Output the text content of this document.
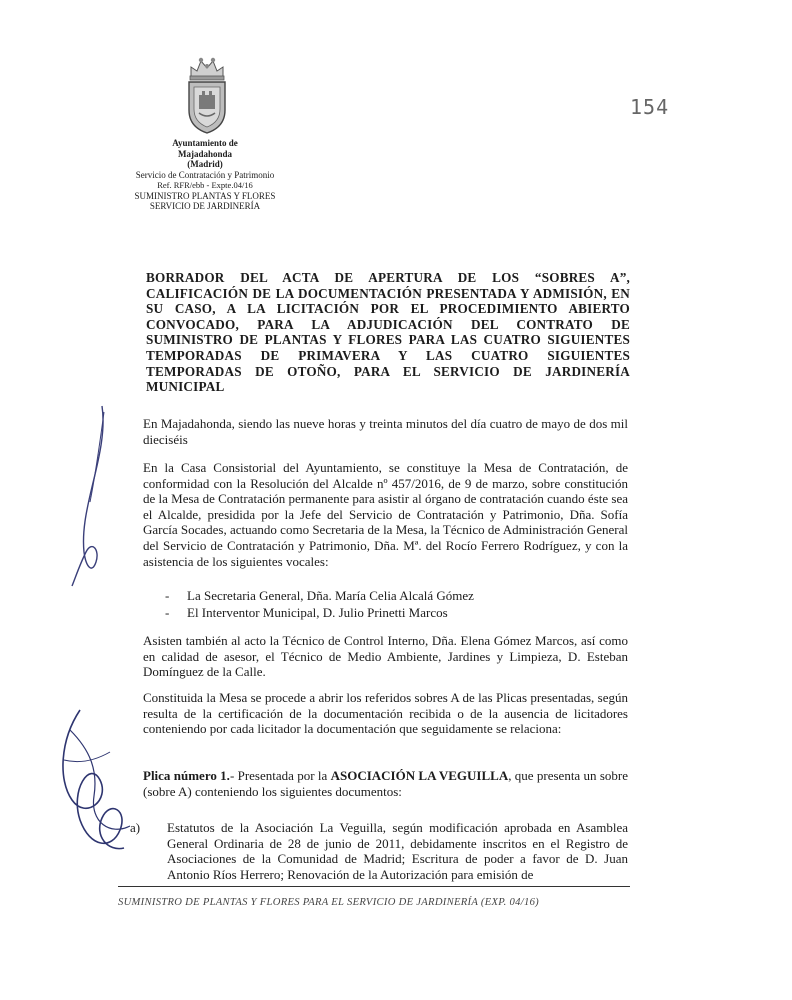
Ayuntamiento de
Majadahonda
(Madrid)
Servicio de Contratación y Patrimonio
Ref. RFR/ebb - Expte.04/16
SUMINISTRO PLANTAS Y FLORES
SERVICIO DE JARDINERÍA
154
BORRADOR DEL ACTA DE APERTURA DE LOS “SOBRES A”, CALIFICACIÓN DE LA DOCUMENTACIÓN PRESENTADA Y ADMISIÓN, EN SU CASO, A LA LICITACIÓN POR EL PROCEDIMIENTO ABIERTO CONVOCADO, PARA LA ADJUDICACIÓN DEL CONTRATO DE SUMINISTRO DE PLANTAS Y FLORES PARA LAS CUATRO SIGUIENTES TEMPORADAS DE PRIMAVERA Y LAS CUATRO SIGUIENTES TEMPORADAS DE OTOÑO, PARA EL SERVICIO DE JARDINERÍA MUNICIPAL
En Majadahonda, siendo las nueve horas y treinta minutos del día cuatro de mayo de dos mil dieciséis
En la Casa Consistorial del Ayuntamiento, se constituye la Mesa de Contratación, de conformidad con la Resolución del Alcalde nº 457/2016, de 9 de marzo, sobre constitución de la Mesa de Contratación permanente para asistir al órgano de contratación cuando éste sea el Alcalde, presidida por la Jefe del Servicio de Contratación y Patrimonio, Dña. Sofía García Socades, actuando como Secretaria de la Mesa, la Técnico de Administración General del Servicio de Contratación y Patrimonio, Dña. Mª. del Rocío Ferrero Rodríguez, y con la asistencia de los siguientes vocales:
- La Secretaria General, Dña. María Celia Alcalá Gómez
- El Interventor Municipal, D. Julio Prinetti Marcos
Asisten también al acto la Técnico de Control Interno, Dña. Elena Gómez Marcos, así como en calidad de asesor, el Técnico de Medio Ambiente, Jardines y Limpieza, D. Esteban Domínguez de la Calle.
Constituida la Mesa se procede a abrir los referidos sobres A de las Plicas presentadas, según resulta de la certificación de la documentación recibida o de la ausencia de licitadores conteniendo por cada licitador la documentación que seguidamente se relaciona:
Plica número 1.- Presentada por la ASOCIACIÓN LA VEGUILLA, que presenta un sobre (sobre A) conteniendo los siguientes documentos:
a) Estatutos de la Asociación La Veguilla, según modificación aprobada en Asamblea General Ordinaria de 28 de junio de 2011, debidamente inscritos en el Registro de Asociaciones de la Comunidad de Madrid; Escritura de poder a favor de D. Juan Antonio Ríos Herrero; Renovación de la Autorización para emisión de
SUMINISTRO DE PLANTAS Y FLORES PARA EL SERVICIO DE JARDINERÍA (EXP. 04/16)
